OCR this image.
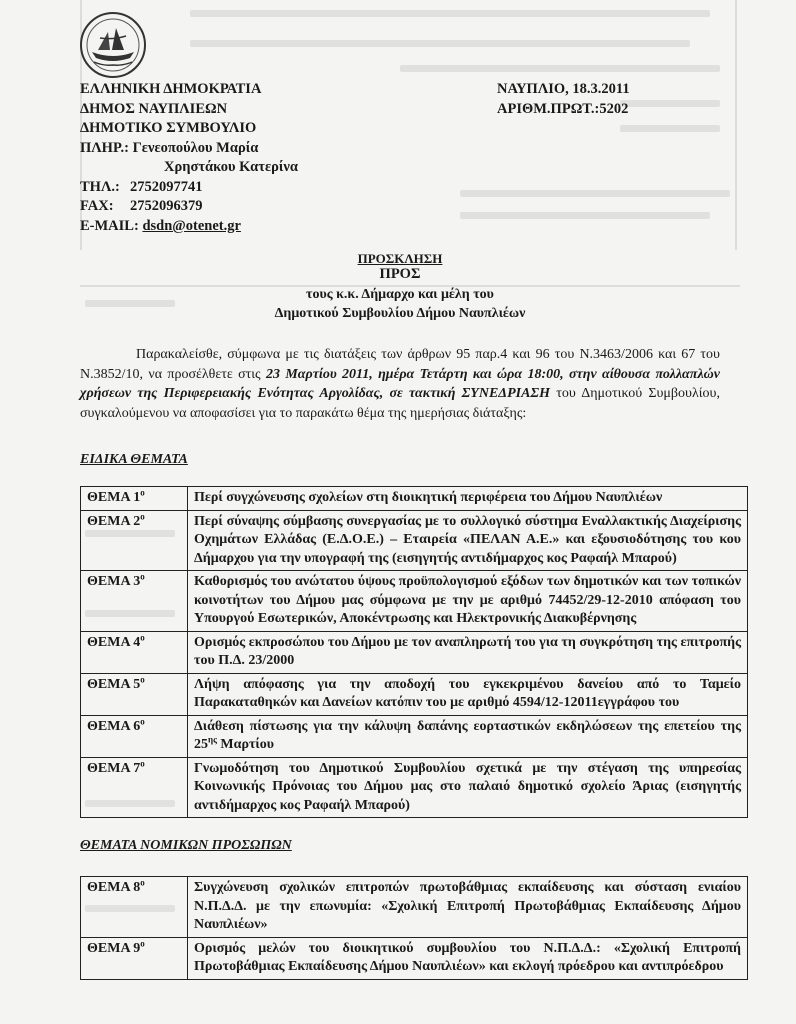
ΕΛΛΗΝΙΚΗ ΔΗΜΟΚΡΑΤΙΑ
ΔΗΜΟΣ ΝΑΥΠΛΙΕΩΝ
ΔΗΜΟΤΙΚΟ ΣΥΜΒΟΥΛΙΟ
ΠΛΗΡ.:
Γενεοπούλου Μαρία
Χρηστάκου Κατερίνα
ΤΗΛ.: 2752097741
FAX:	2752096379
E-MAIL:
dsdn@otenet.gr
ΝΑΥΠΛΙΟ, 18.3.2011
ΑΡΙΘΜ.ΠΡΩΤ.:5202
ΠΡΟΣΚΛΗΣΗ
ΠΡΟΣ
τους κ.κ. Δήμαρχο και μέλη του
Δημοτικού Συμβουλίου Δήμου Ναυπλιέων

Παρακαλείσθε, σύμφωνα με τις διατάξεις των άρθρων 95 παρ.4 και 96 του Ν.3463/2006 και 67 του Ν.3852/10, να προσέλθετε στις 23 Μαρτίου 2011, ημέρα Τετάρτη και ώρα 18:00, στην αίθουσα πολλαπλών χρήσεων της Περιφερειακής Ενότητας Αργολίδας, σε τακτική ΣΥΝΕΔΡΙΑΣΗ του Δημοτικού Συμβουλίου, συγκαλούμενου να αποφασίσει για το παρακάτω θέμα της ημερήσιας διάταξης:

ΕΙΔΙΚΑ ΘΕΜΑΤΑ
ΘΕΜΑ $1^o$	Περί συγχώνευσης σχολείων στη διοικητική περιφέρεια του Δήμου Ναυπλιέων
ΘΕΜΑ $2^o$	Περί σύναψης σύμβασης συνεργασίας με το συλλογικό σύστημα Εναλλακτικής Διαχείρισης Οχημάτων Ελλάδας (Ε.Δ.Ο.Ε.) – Εταιρεία «ΠΕΛΑΝ Α.Ε.» και εξουσιοδότησης του κου Δήμαρχου για την υπογραφή της (εισηγητής αντιδήμαρχος κος Ραφαήλ Μπαρού)
ΘΕΜΑ $3^o$	Καθορισμός του ανώτατου ύψους προϋπολογισμού εξόδων των δημοτικών και των τοπικών κοινοτήτων του Δήμου μας σύμφωνα με την με αριθμό 74452/29-12-2010 απόφαση του Υπουργού Εσωτερικών, Αποκέντρωσης και Ηλεκτρονικής Διακυβέρνησης
ΘΕΜΑ $4^o$	Ορισμός εκπροσώπου του Δήμου με τον αναπληρωτή του για τη συγκρότηση της επιτροπής του Π.Δ. 23/2000
ΘΕΜΑ $5^o$	Λήψη απόφασης για την αποδοχή του εγκεκριμένου δανείου από το Ταμείο Παρακαταθηκών και Δανείων κατόπιν του με αριθμό 4594/12-12011εγγράφου του
ΘΕΜΑ $6^o$	Διάθεση πίστωσης για την κάλυψη δαπάνης εορταστικών εκδηλώσεων της επετείου της $25^{\eta\varsigma}$ Μαρτίου
ΘΕΜΑ $7^o$	Γνωμοδότηση του Δημοτικού Συμβουλίου σχετικά με την στέγαση της υπηρεσίας Κοινωνικής Πρόνοιας του Δήμου μας στο παλαιό δημοτικό σχολείο Άριας (εισηγητής αντιδήμαρχος κος Ραφαήλ Μπαρού)
ΘΕΜΑΤΑ ΝΟΜΙΚΩΝ ΠΡΟΣΩΠΩΝ
ΘΕΜΑ $8^o$	Συγχώνευση σχολικών επιτροπών πρωτοβάθμιας εκπαίδευσης και σύσταση ενιαίου Ν.Π.Δ.Δ. με την επωνυμία: «Σχολική Επιτροπή Πρωτοβάθμιας Εκπαίδευσης Δήμου Ναυπλιέων»
ΘΕΜΑ $9^o$	Ορισμός μελών του διοικητικού συμβουλίου του Ν.Π.Δ.Δ.: «Σχολική Επιτροπή Πρωτοβάθμιας Εκπαίδευσης Δήμου Ναυπλιέων» και εκλογή πρόεδρου και αντιπρόεδρου
